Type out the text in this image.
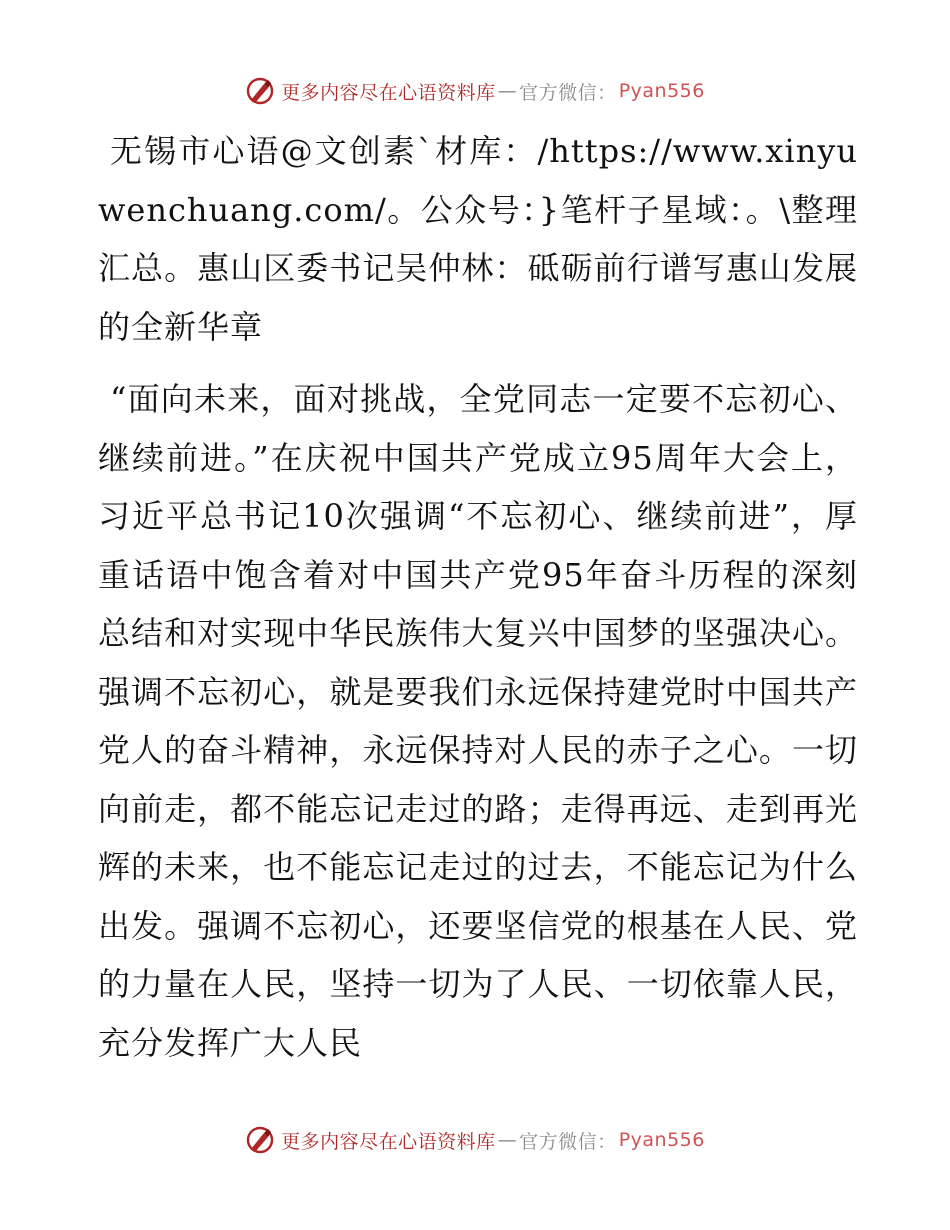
更多内容尽在心语资料库 — 官方微信： Pyan556

无锡市心语@文创素`材库：/https://www.xinyuwenchuang.com/。公众号：}笔杆子星域：。\整理汇总。惠山区委书记吴仲林：砥砺前行谱写惠山发展的全新华章

“面向未来，面对挑战，全党同志一定要不忘初心、继续前进。”在庆祝中国共产党成立95周年大会上，习近平总书记10次强调“不忘初心、继续前进”，厚重话语中饱含着对中国共产党95年奋斗历程的深刻总结和对实现中华民族伟大复兴中国梦的坚强决心。强调不忘初心，就是要我们永远保持建党时中国共产党人的奋斗精神，永远保持对人民的赤子之心。一切向前走，都不能忘记走过的路；走得再远、走到再光辉的未来，也不能忘记走过的过去，不能忘记为什么出发。强调不忘初心，还要坚信党的根基在人民、党的力量在人民，坚持一切为了人民、一切依靠人民，充分发挥广大人民

更多内容尽在心语资料库 — 官方微信： Pyan556
